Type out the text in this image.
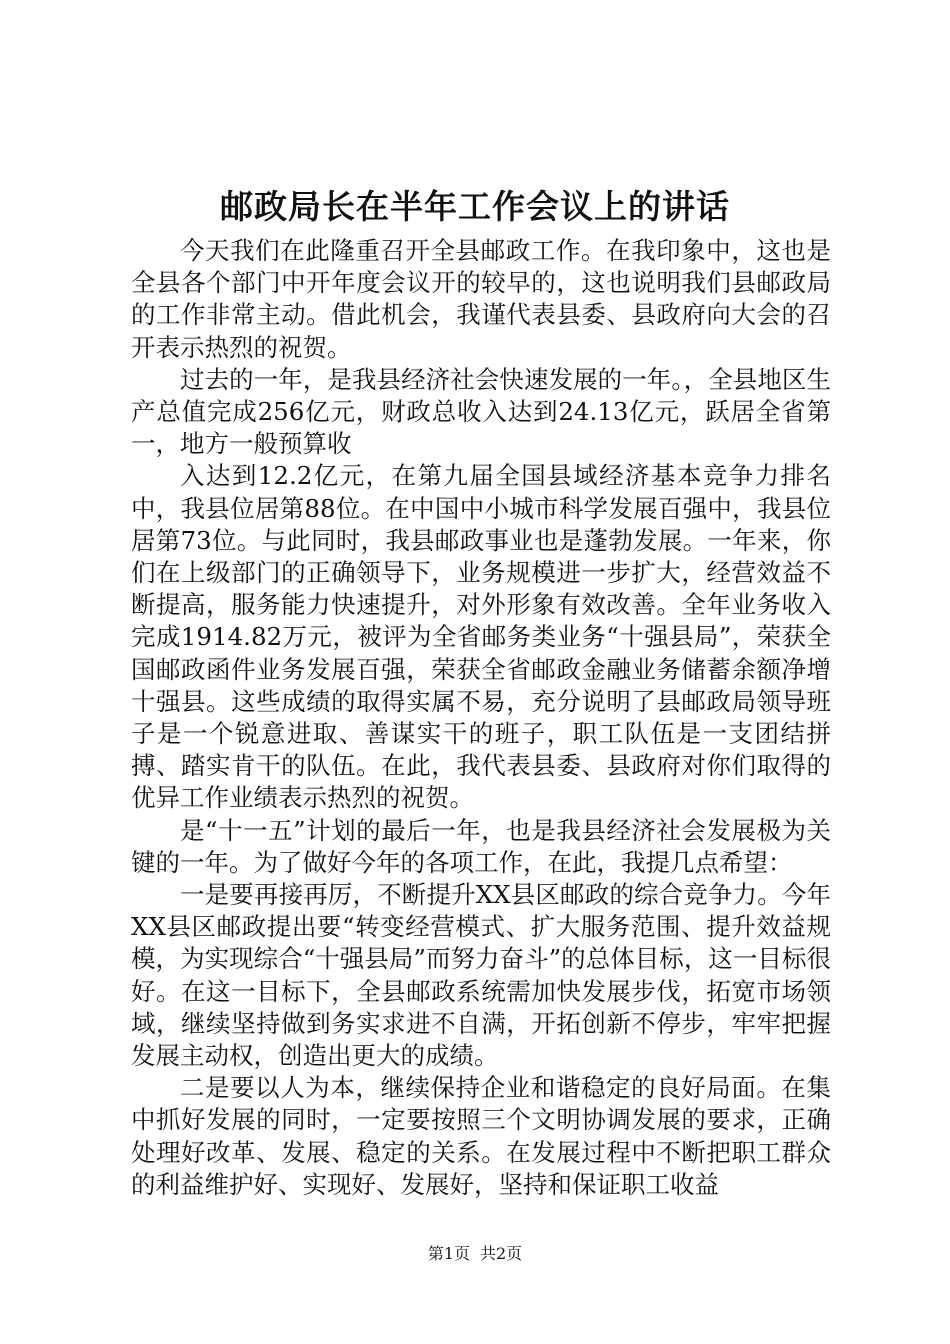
邮政局长在半年工作会议上的讲话

今天我们在此隆重召开全县邮政工作。在我印象中，这也是全县各个部门中开年度会议开的较早的，这也说明我们县邮政局的工作非常主动。借此机会，我谨代表县委、县政府向大会的召开表示热烈的祝贺。

过去的一年，是我县经济社会快速发展的一年。，全县地区生产总值完成256亿元，财政总收入达到24.13亿元，跃居全省第一，地方一般预算收

入达到12.2亿元，在第九届全国县域经济基本竞争力排名中，我县位居第88位。在中国中小城市科学发展百强中，我县位居第73位。与此同时，我县邮政事业也是蓬勃发展。一年来，你们在上级部门的正确领导下，业务规模进一步扩大，经营效益不断提高，服务能力快速提升，对外形象有效改善。全年业务收入完成1914.82万元，被评为全省邮务类业务“十强县局”，荣获全国邮政函件业务发展百强，荣获全省邮政金融业务储蓄余额净增十强县。这些成绩的取得实属不易，充分说明了县邮政局领导班子是一个锐意进取、善谋实干的班子，职工队伍是一支团结拼搏、踏实肯干的队伍。在此，我代表县委、县政府对你们取得的优异工作业绩表示热烈的祝贺。

是“十一五”计划的最后一年，也是我县经济社会发展极为关键的一年。为了做好今年的各项工作，在此，我提几点希望：

一是要再接再厉，不断提升XX县区邮政的综合竞争力。今年XX县区邮政提出要“转变经营模式、扩大服务范围、提升效益规模，为实现综合“十强县局”而努力奋斗”的总体目标，这一目标很好。在这一目标下，全县邮政系统需加快发展步伐，拓宽市场领域，继续坚持做到务实求进不自满，开拓创新不停步，牢牢把握发展主动权，创造出更大的成绩。

二是要以人为本，继续保持企业和谐稳定的良好局面。在集中抓好发展的同时，一定要按照三个文明协调发展的要求，正确处理好改革、发展、稳定的关系。在发展过程中不断把职工群众的利益维护好、实现好、发展好，坚持和保证职工收益

第1页 共2页
